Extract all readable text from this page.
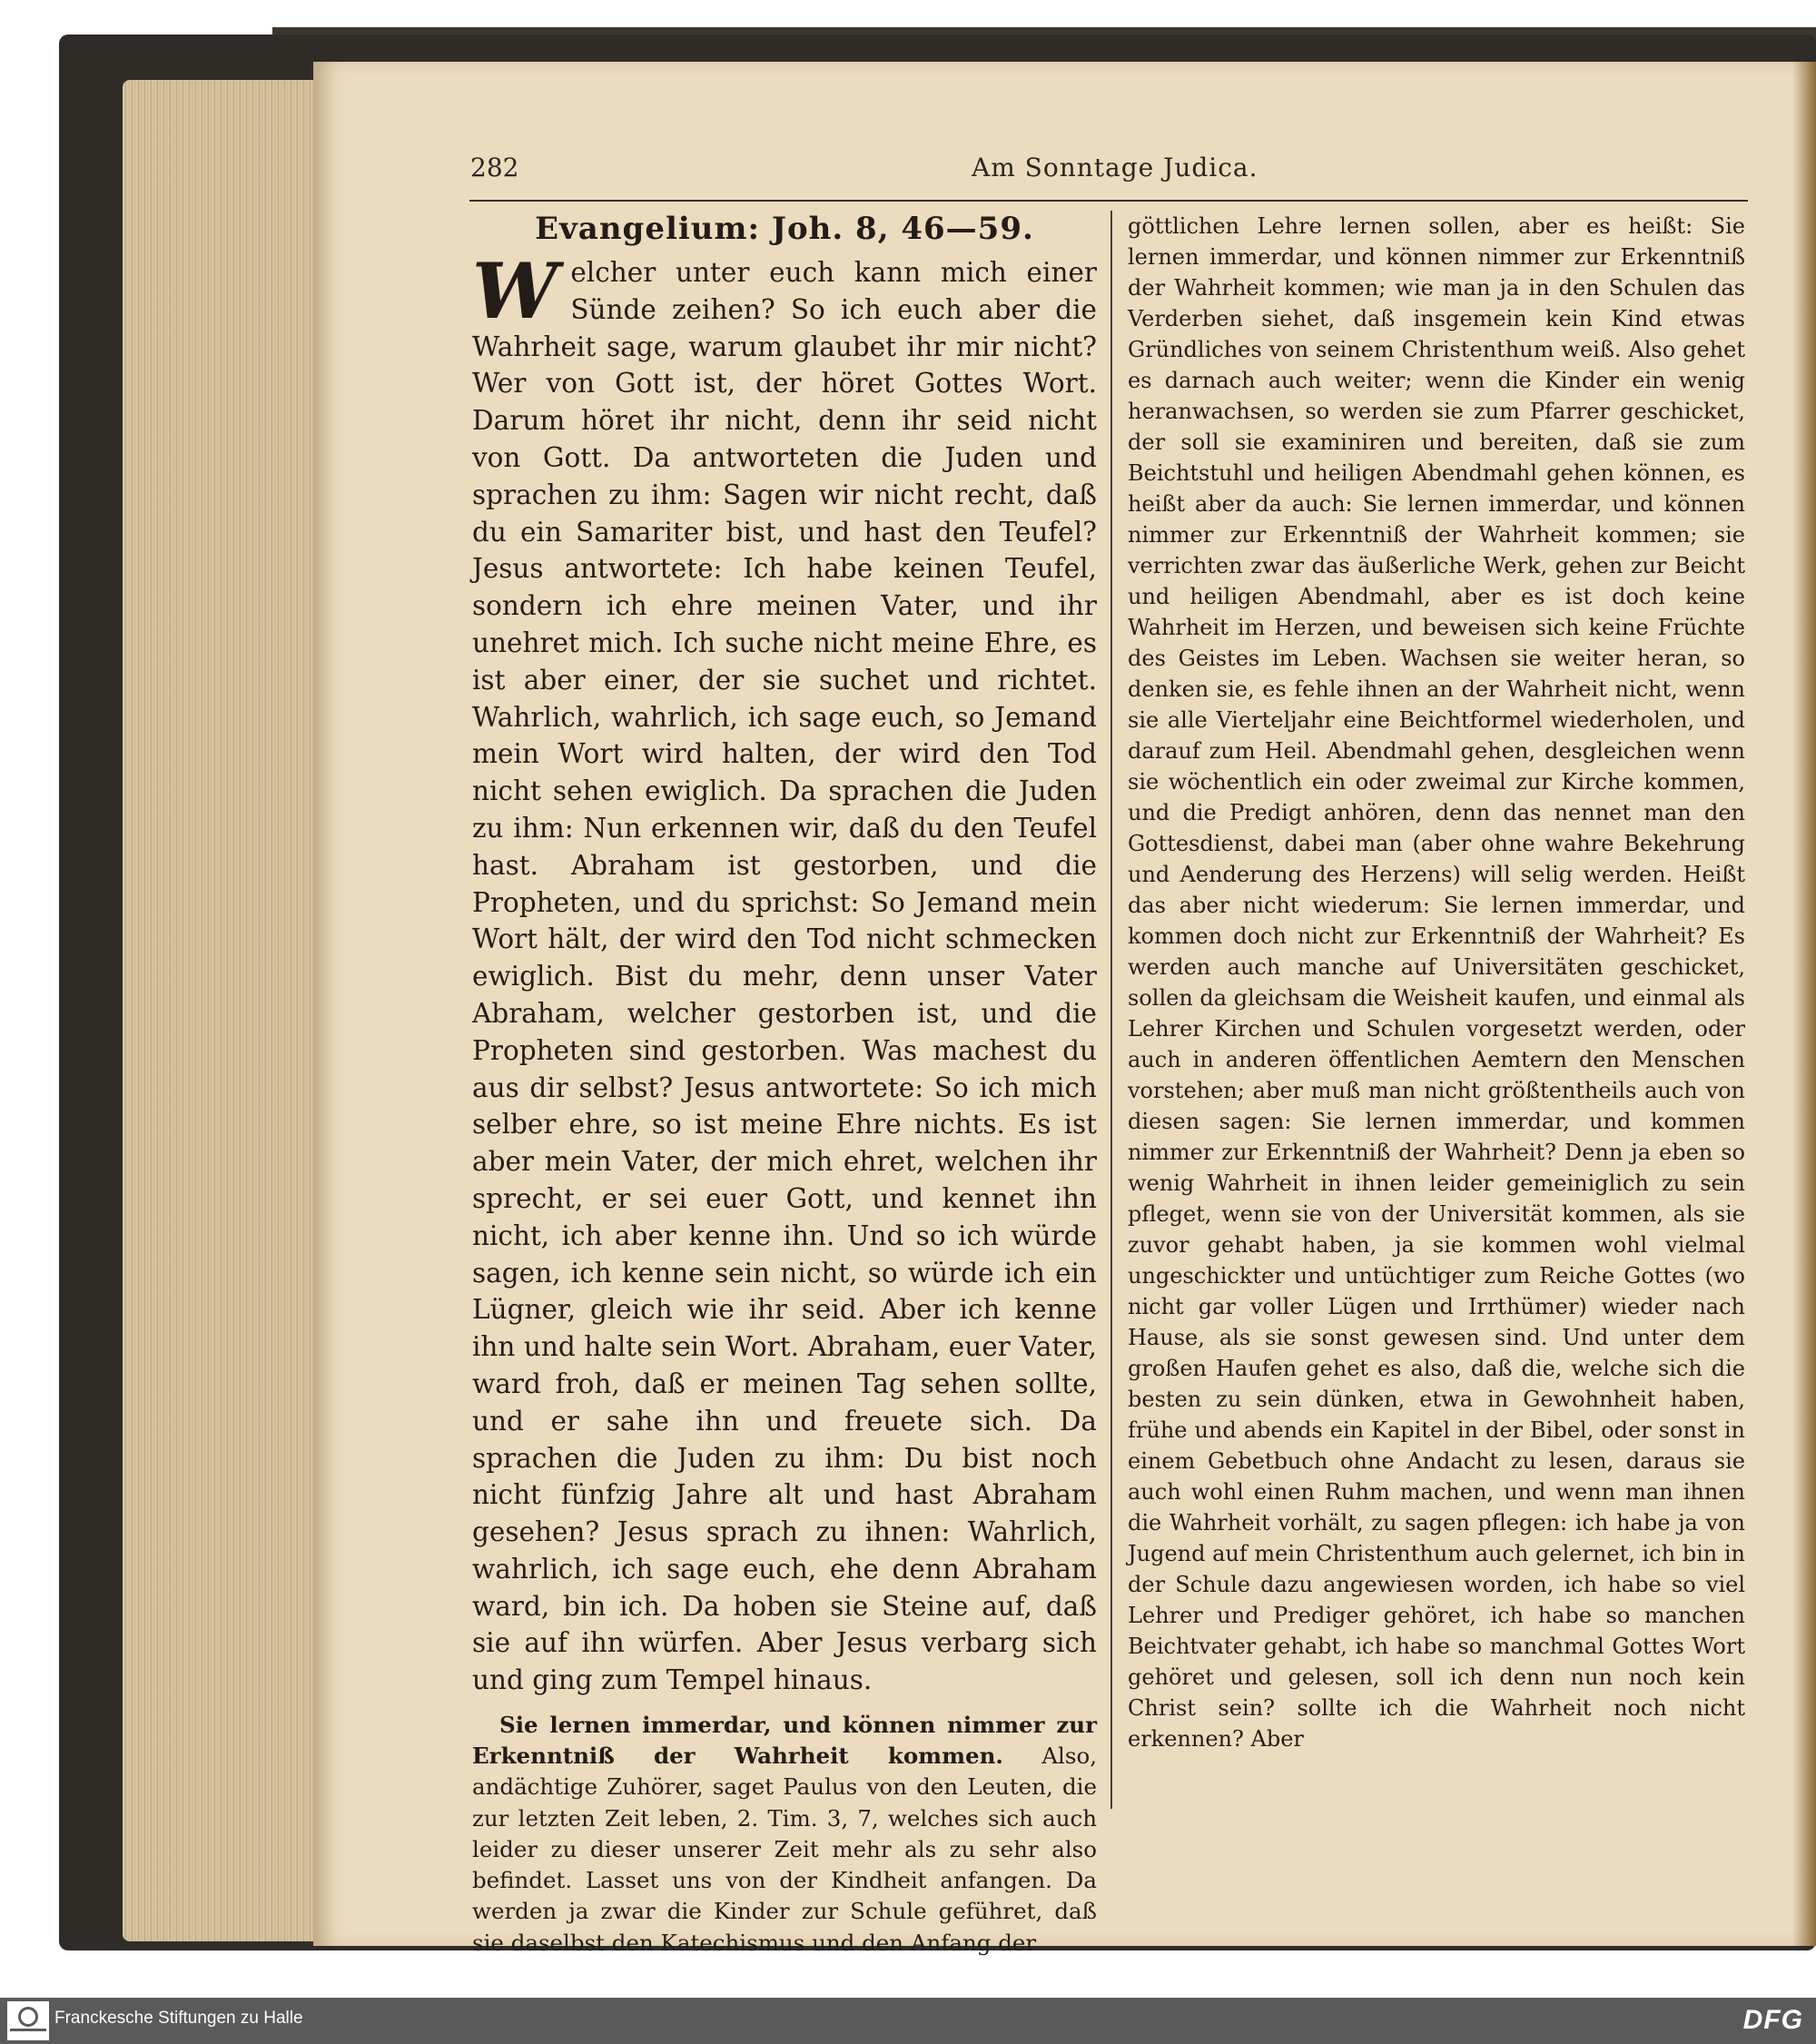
282	Am Sonntage Judica.
Evangelium: Joh. 8, 46—59.

Welcher unter euch kann mich einer Sünde zeihen? So ich euch aber die Wahrheit sage, warum glaubet ihr mir nicht? Wer von Gott ist, der höret Gottes Wort. Darum höret ihr nicht, denn ihr seid nicht von Gott. Da antworteten die Juden und sprachen zu ihm: Sagen wir nicht recht, daß du ein Samariter bist, und hast den Teufel? Jesus antwortete: Ich habe keinen Teufel, sondern ich ehre meinen Vater, und ihr unehret mich. Ich suche nicht meine Ehre, es ist aber einer, der sie suchet und richtet. Wahrlich, wahrlich, ich sage euch, so Jemand mein Wort wird halten, der wird den Tod nicht sehen ewiglich. Da sprachen die Juden zu ihm: Nun erkennen wir, daß du den Teufel hast. Abraham ist gestorben, und die Propheten, und du sprichst: So Jemand mein Wort hält, der wird den Tod nicht schmecken ewiglich. Bist du mehr, denn unser Vater Abraham, welcher gestorben ist, und die Propheten sind gestorben. Was machest du aus dir selbst? Jesus antwortete: So ich mich selber ehre, so ist meine Ehre nichts. Es ist aber mein Vater, der mich ehret, welchen ihr sprecht, er sei euer Gott, und kennet ihn nicht, ich aber kenne ihn. Und so ich würde sagen, ich kenne sein nicht, so würde ich ein Lügner, gleich wie ihr seid. Aber ich kenne ihn und halte sein Wort. Abraham, euer Vater, ward froh, daß er meinen Tag sehen sollte, und er sahe ihn und freuete sich. Da sprachen die Juden zu ihm: Du bist noch nicht fünfzig Jahre alt und hast Abraham gesehen? Jesus sprach zu ihnen: Wahrlich, wahrlich, ich sage euch, ehe denn Abraham ward, bin ich. Da hoben sie Steine auf, daß sie auf ihn würfen. Aber Jesus verbarg sich und ging zum Tempel hinaus.

Sie lernen immerdar, und können nimmer zur Erkenntniß der Wahrheit kommen. Also, andächtige Zuhörer, saget Paulus von den Leuten, die zur letzten Zeit leben, 2. Tim. 3, 7, welches sich auch leider zu dieser unserer Zeit mehr als zu sehr also befindet. Lasset uns von der Kindheit anfangen. Da werden ja zwar die Kinder zur Schule geführet, daß sie daselbst den Katechismus und den Anfang der

göttlichen Lehre lernen sollen, aber es heißt: Sie lernen immerdar, und können nimmer zur Erkenntniß der Wahrheit kommen; wie man ja in den Schulen das Verderben siehet, daß insgemein kein Kind etwas Gründliches von seinem Christenthum weiß. Also gehet es darnach auch weiter; wenn die Kinder ein wenig heranwachsen, so werden sie zum Pfarrer geschicket, der soll sie examiniren und bereiten, daß sie zum Beichtstuhl und heiligen Abendmahl gehen können, es heißt aber da auch: Sie lernen immerdar, und können nimmer zur Erkenntniß der Wahrheit kommen; sie verrichten zwar das äußerliche Werk, gehen zur Beicht und heiligen Abendmahl, aber es ist doch keine Wahrheit im Herzen, und beweisen sich keine Früchte des Geistes im Leben. Wachsen sie weiter heran, so denken sie, es fehle ihnen an der Wahrheit nicht, wenn sie alle Vierteljahr eine Beichtformel wiederholen, und darauf zum Heil. Abendmahl gehen, desgleichen wenn sie wöchentlich ein oder zweimal zur Kirche kommen, und die Predigt anhören, denn das nennet man den Gottesdienst, dabei man (aber ohne wahre Bekehrung und Aenderung des Herzens) will selig werden. Heißt das aber nicht wiederum: Sie lernen immerdar, und kommen doch nicht zur Erkenntniß der Wahrheit? Es werden auch manche auf Universitäten geschicket, sollen da gleichsam die Weisheit kaufen, und einmal als Lehrer Kirchen und Schulen vorgesetzt werden, oder auch in anderen öffentlichen Aemtern den Menschen vorstehen; aber muß man nicht größtentheils auch von diesen sagen: Sie lernen immerdar, und kommen nimmer zur Erkenntniß der Wahrheit? Denn ja eben so wenig Wahrheit in ihnen leider gemeiniglich zu sein pfleget, wenn sie von der Universität kommen, als sie zuvor gehabt haben, ja sie kommen wohl vielmal ungeschickter und untüchtiger zum Reiche Gottes (wo nicht gar voller Lügen und Irrthümer) wieder nach Hause, als sie sonst gewesen sind. Und unter dem großen Haufen gehet es also, daß die, welche sich die besten zu sein dünken, etwa in Gewohnheit haben, frühe und abends ein Kapitel in der Bibel, oder sonst in einem Gebetbuch ohne Andacht zu lesen, daraus sie auch wohl einen Ruhm machen, und wenn man ihnen die Wahrheit vorhält, zu sagen pflegen: ich habe ja von Jugend auf mein Christenthum auch gelernet, ich bin in der Schule dazu angewiesen worden, ich habe so viel Lehrer und Prediger gehöret, ich habe so manchen Beichtvater gehabt, ich habe so manchmal Gottes Wort gehöret und gelesen, soll ich denn nun noch kein Christ sein? sollte ich die Wahrheit noch nicht erkennen? Aber

Franckesche Stiftungen zu Halle	DFG
